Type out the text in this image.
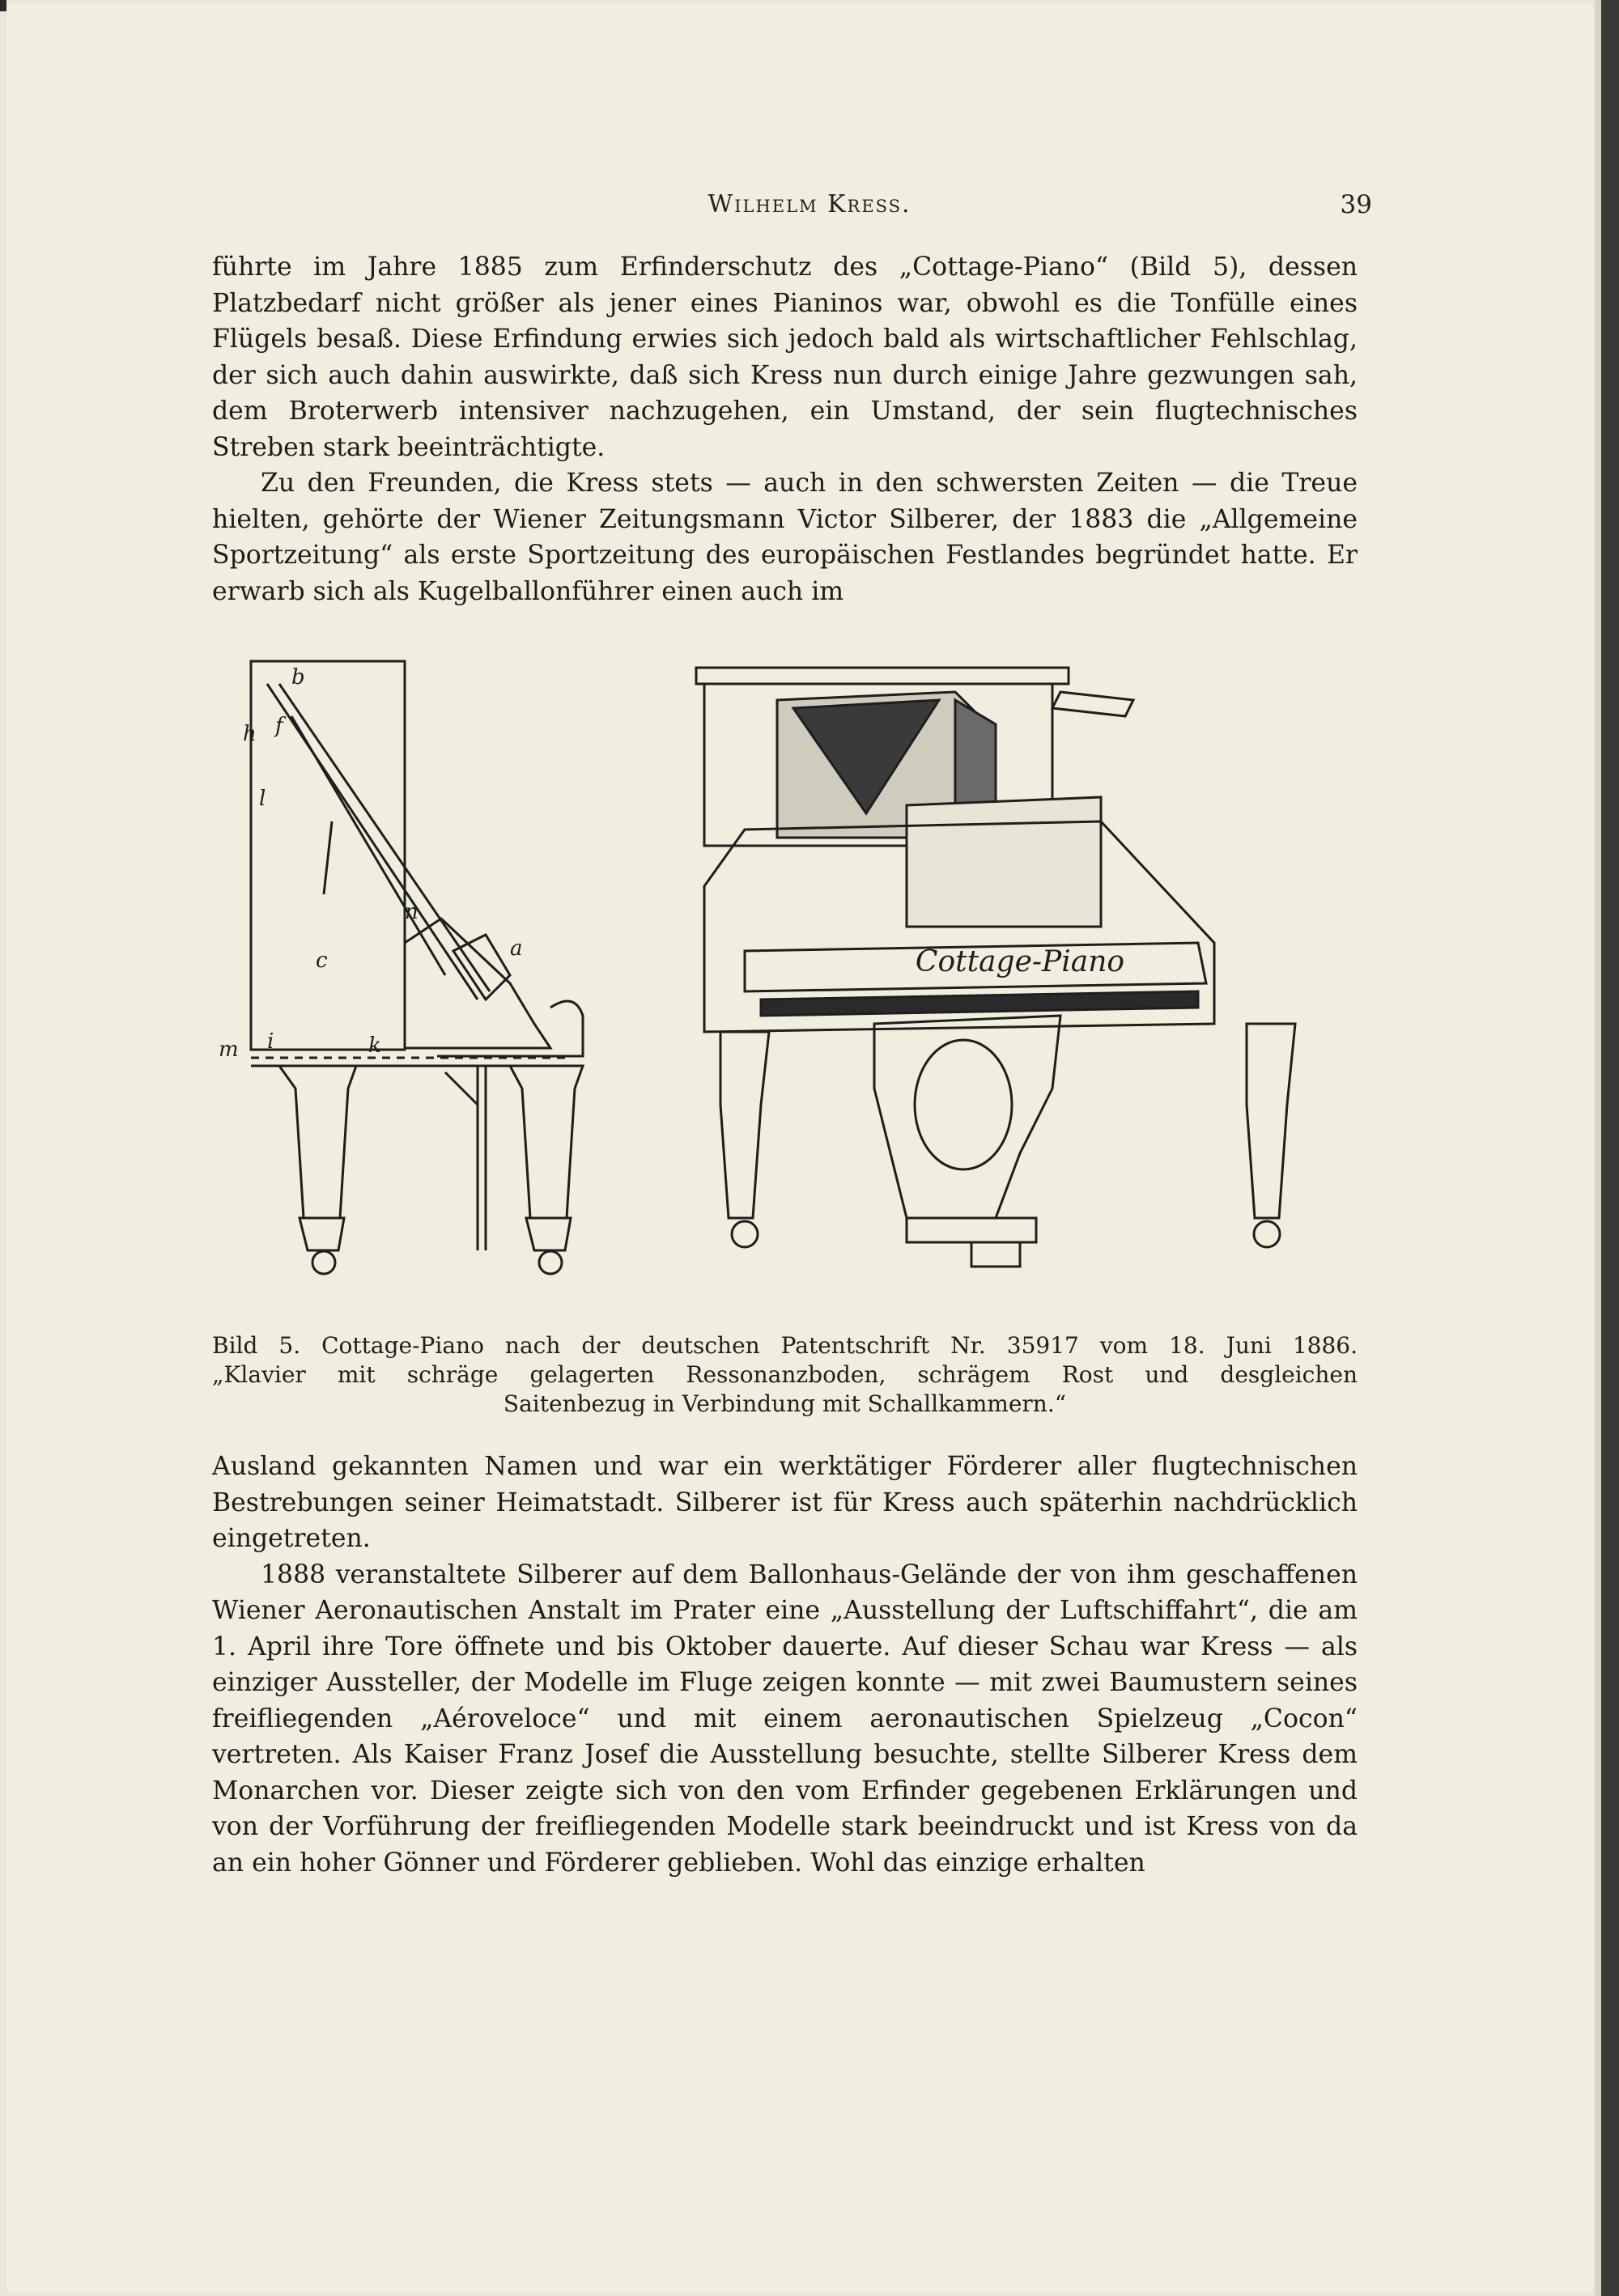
Wilhelm Kress.	39

führte im Jahre 1885 zum Erfinderschutz des „Cottage-Piano“ (Bild 5), dessen Platzbedarf nicht größer als jener eines Pianinos war, obwohl es die Tonfülle eines Flügels besaß. Diese Erfindung erwies sich jedoch bald als wirtschaftlicher Fehlschlag, der sich auch dahin auswirkte, daß sich Kress nun durch einige Jahre gezwungen sah, dem Broterwerb intensiver nachzugehen, ein Umstand, der sein flugtechnisches Streben stark beeinträchtigte.

Zu den Freunden, die Kress stets — auch in den schwersten Zeiten — die Treue hielten, gehörte der Wiener Zeitungsmann Victor Silberer, der 1883 die „Allgemeine Sportzeitung“ als erste Sportzeitung des europäischen Festlandes begründet hatte. Er erwarb sich als Kugelballonführer einen auch im

b
h f
l
c	a
n
m i	k
Cottage-Piano
Bild 5. Cottage-Piano nach der deutschen Patentschrift Nr. 35917 vom 18. Juni 1886.
„Klavier mit schräge gelagerten Ressonanzboden, schrägem Rost und desgleichen
Saitenbezug in Verbindung mit Schallkammern.“

Ausland gekannten Namen und war ein werktätiger Förderer aller flugtechnischen Bestrebungen seiner Heimatstadt. Silberer ist für Kress auch späterhin nachdrücklich eingetreten.

1888 veranstaltete Silberer auf dem Ballonhaus-Gelände der von ihm geschaffenen Wiener Aeronautischen Anstalt im Prater eine „Ausstellung der Luftschiffahrt“, die am 1. April ihre Tore öffnete und bis Oktober dauerte. Auf dieser Schau war Kress — als einziger Aussteller, der Modelle im Fluge zeigen konnte — mit zwei Baumustern seines freifliegenden „Aéroveloce“ und mit einem aeronautischen Spielzeug „Cocon“ vertreten. Als Kaiser Franz Josef die Ausstellung besuchte, stellte Silberer Kress dem Monarchen vor. Dieser zeigte sich von den vom Erfinder gegebenen Erklärungen und von der Vorführung der freifliegenden Modelle stark beeindruckt und ist Kress von da an ein hoher Gönner und Förderer geblieben. Wohl das einzige erhalten
